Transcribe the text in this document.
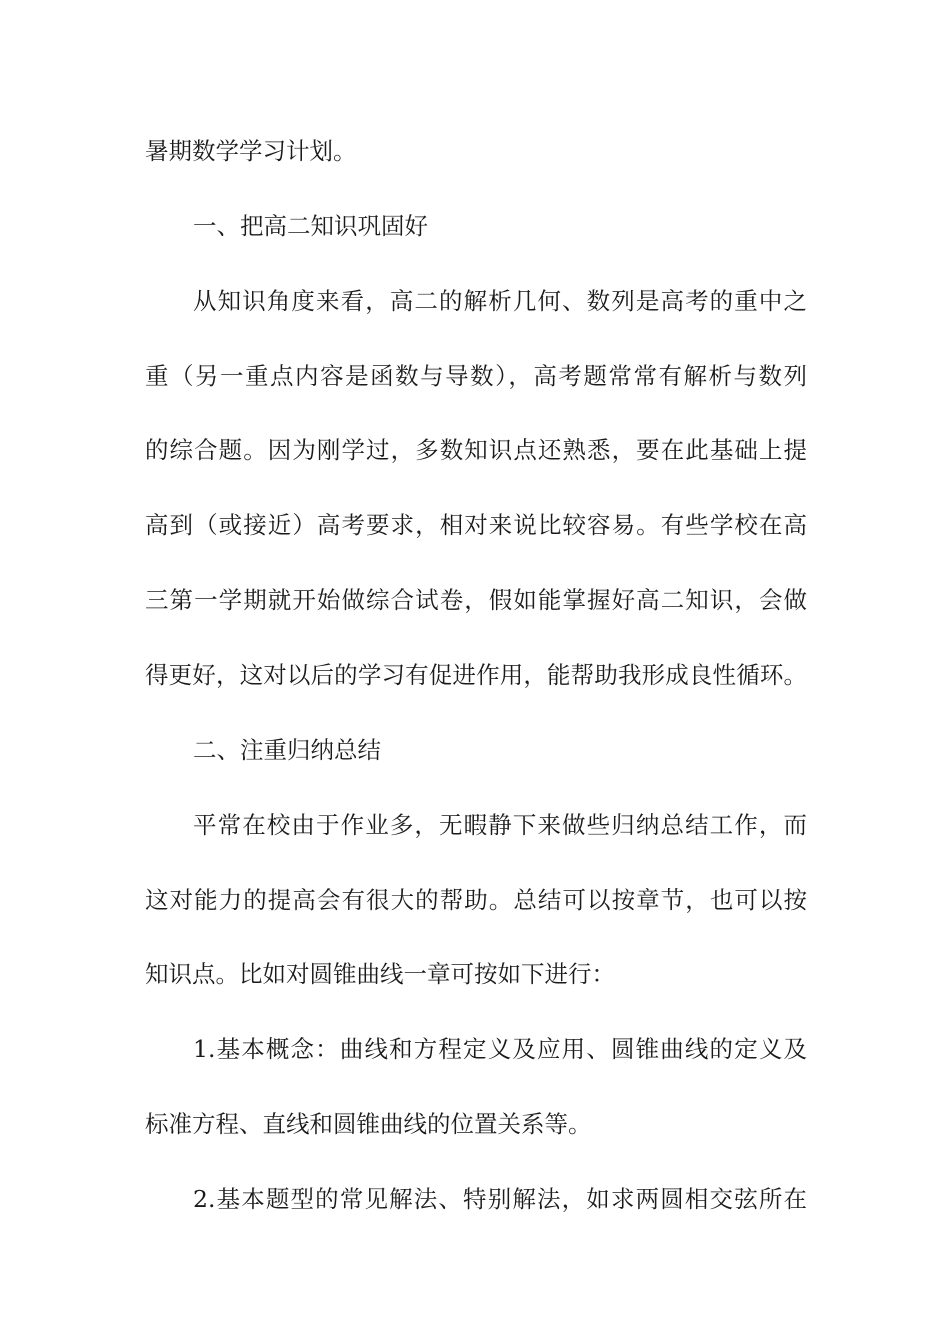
暑期数学学习计划。
一、把高二知识巩固好
从知识角度来看，高二的解析几何、数列是高考的重中之
重（另一重点内容是函数与导数），高考题常常有解析与数列
的综合题。因为刚学过，多数知识点还熟悉，要在此基础上提
高到（或接近）高考要求，相对来说比较容易。有些学校在高
三第一学期就开始做综合试卷，假如能掌握好高二知识，会做
得更好，这对以后的学习有促进作用，能帮助我形成良性循环。
二、注重归纳总结
平常在校由于作业多，无暇静下来做些归纳总结工作，而
这对能力的提高会有很大的帮助。总结可以按章节，也可以按
知识点。比如对圆锥曲线一章可按如下进行：
1.基本概念：曲线和方程定义及应用、圆锥曲线的定义及
标准方程、直线和圆锥曲线的位置关系等。
2.基本题型的常见解法、特别解法，如求两圆相交弦所在
